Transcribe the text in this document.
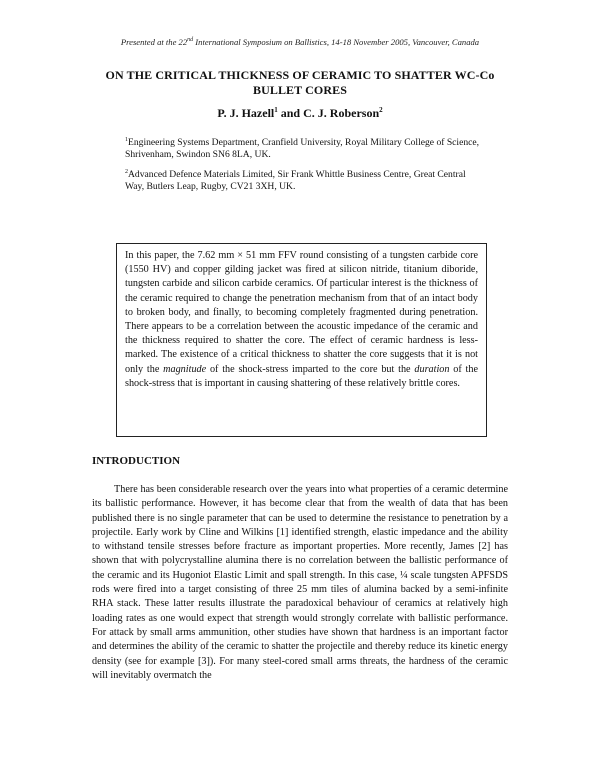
Presented at the 22nd International Symposium on Ballistics, 14-18 November 2005, Vancouver, Canada
ON THE CRITICAL THICKNESS OF CERAMIC TO SHATTER WC-Co
BULLET CORES
P. J. Hazell$^1$ and C. J. Roberson$^2$
$^1$Engineering Systems Department, Cranfield University, Royal Military College of Science, Shrivenham, Swindon SN6 8LA, UK.
$^2$Advanced Defence Materials Limited, Sir Frank Whittle Business Centre, Great Central Way, Butlers Leap, Rugby, CV21 3XH, UK.
In this paper, the 7.62 mm × 51 mm FFV round consisting of a tungsten carbide core (1550 HV) and copper gilding jacket was fired at silicon nitride, titanium diboride, tungsten carbide and silicon carbide ceramics. Of particular interest is the thickness of the ceramic required to change the penetration mechanism from that of an intact body to broken body, and finally, to becoming completely fragmented during penetration. There appears to be a correlation between the acoustic impedance of the ceramic and the thickness required to shatter the core. The effect of ceramic hardness is less-marked. The existence of a critical thickness to shatter the core suggests that it is not only the magnitude of the shock-stress imparted to the core but the duration of the shock-stress that is important in causing shattering of these relatively brittle cores.
INTRODUCTION

There has been considerable research over the years into what properties of a ceramic determine its ballistic performance. However, it has become clear that from the wealth of data that has been published there is no single parameter that can be used to determine the resistance to penetration by a projectile. Early work by Cline and Wilkins [1] identified strength, elastic impedance and the ability to withstand tensile stresses before fracture as important properties. More recently, James [2] has shown that with polycrystalline alumina there is no correlation between the ballistic performance of the ceramic and its Hugoniot Elastic Limit and spall strength. In this case, ¼ scale tungsten APFSDS rods were fired into a target consisting of three 25 mm tiles of alumina backed by a semi-infinite RHA stack. These latter results illustrate the paradoxical behaviour of ceramics at relatively high loading rates as one would expect that strength would strongly correlate with ballistic performance. For attack by small arms ammunition, other studies have shown that hardness is an important factor and determines the ability of the ceramic to shatter the projectile and thereby reduce its kinetic energy density (see for example [3]). For many steel-cored small arms threats, the hardness of the ceramic will inevitably overmatch the
